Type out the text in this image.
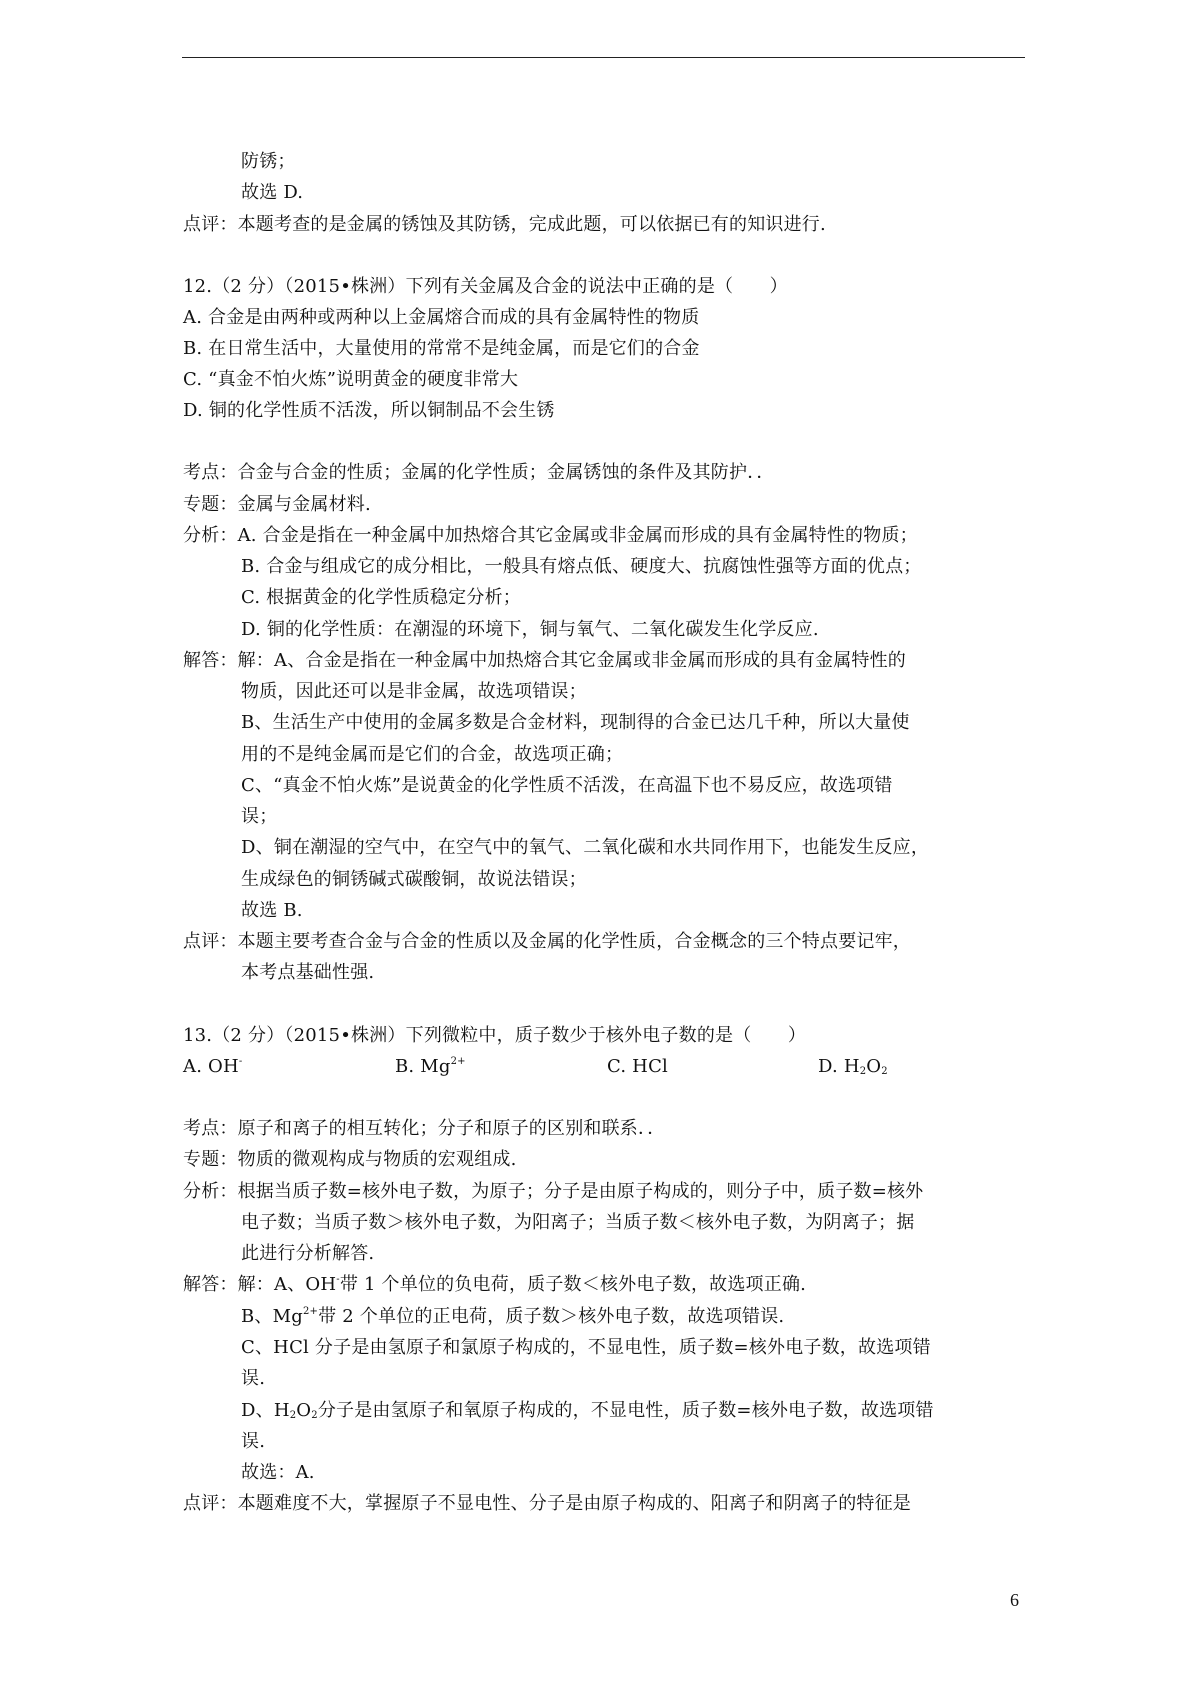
防锈；
故选 D.
点评：本题考查的是金属的锈蚀及其防锈，完成此题，可以依据已有的知识进行.
12.（2 分）（2015•株洲）下列有关金属及合金的说法中正确的是（　　）
A. 合金是由两种或两种以上金属熔合而成的具有金属特性的物质
B. 在日常生活中，大量使用的常常不是纯金属，而是它们的合金
C. “真金不怕火炼”说明黄金的硬度非常大
D. 铜的化学性质不活泼，所以铜制品不会生锈
考点：合金与合金的性质；金属的化学性质；金属锈蚀的条件及其防护．．
专题：金属与金属材料.
分析：A. 合金是指在一种金属中加热熔合其它金属或非金属而形成的具有金属特性的物质；
B. 合金与组成它的成分相比，一般具有熔点低、硬度大、抗腐蚀性强等方面的优点；
C. 根据黄金的化学性质稳定分析；
D. 铜的化学性质：在潮湿的环境下，铜与氧气、二氧化碳发生化学反应.
解答：解：A、合金是指在一种金属中加热熔合其它金属或非金属而形成的具有金属特性的
物质，因此还可以是非金属，故选项错误；
B、生活生产中使用的金属多数是合金材料，现制得的合金已达几千种，所以大量使
用的不是纯金属而是它们的合金，故选项正确；
C、“真金不怕火炼”是说黄金的化学性质不活泼，在高温下也不易反应，故选项错
误；
D、铜在潮湿的空气中，在空气中的氧气、二氧化碳和水共同作用下，也能发生反应，
生成绿色的铜锈碱式碳酸铜，故说法错误；
故选 B.
点评：本题主要考查合金与合金的性质以及金属的化学性质，合金概念的三个特点要记牢，
本考点基础性强.
13.（2 分）（2015•株洲）下列微粒中，质子数少于核外电子数的是（　　）
A. OH-	B. $Mg^{2+}$	C. HCl	D. $H_2O_2$
考点：原子和离子的相互转化；分子和原子的区别和联系．．
专题：物质的微观构成与物质的宏观组成.
分析：根据当质子数=核外电子数，为原子；分子是由原子构成的，则分子中，质子数=核外
电子数；当质子数＞核外电子数，为阳离子；当质子数＜核外电子数，为阴离子；据
此进行分析解答.
解答：解：A、OH-带 1 个单位的负电荷，质子数＜核外电子数，故选项正确.
B、$Mg^{2+}$带 2 个单位的正电荷，质子数＞核外电子数，故选项错误.
C、HCl 分子是由氢原子和氯原子构成的，不显电性，质子数=核外电子数，故选项错
误.
D、$H_2O_2$分子是由氢原子和氧原子构成的，不显电性，质子数=核外电子数，故选项错
误.
故选：A.
点评：本题难度不大，掌握原子不显电性、分子是由原子构成的、阳离子和阴离子的特征是
6
